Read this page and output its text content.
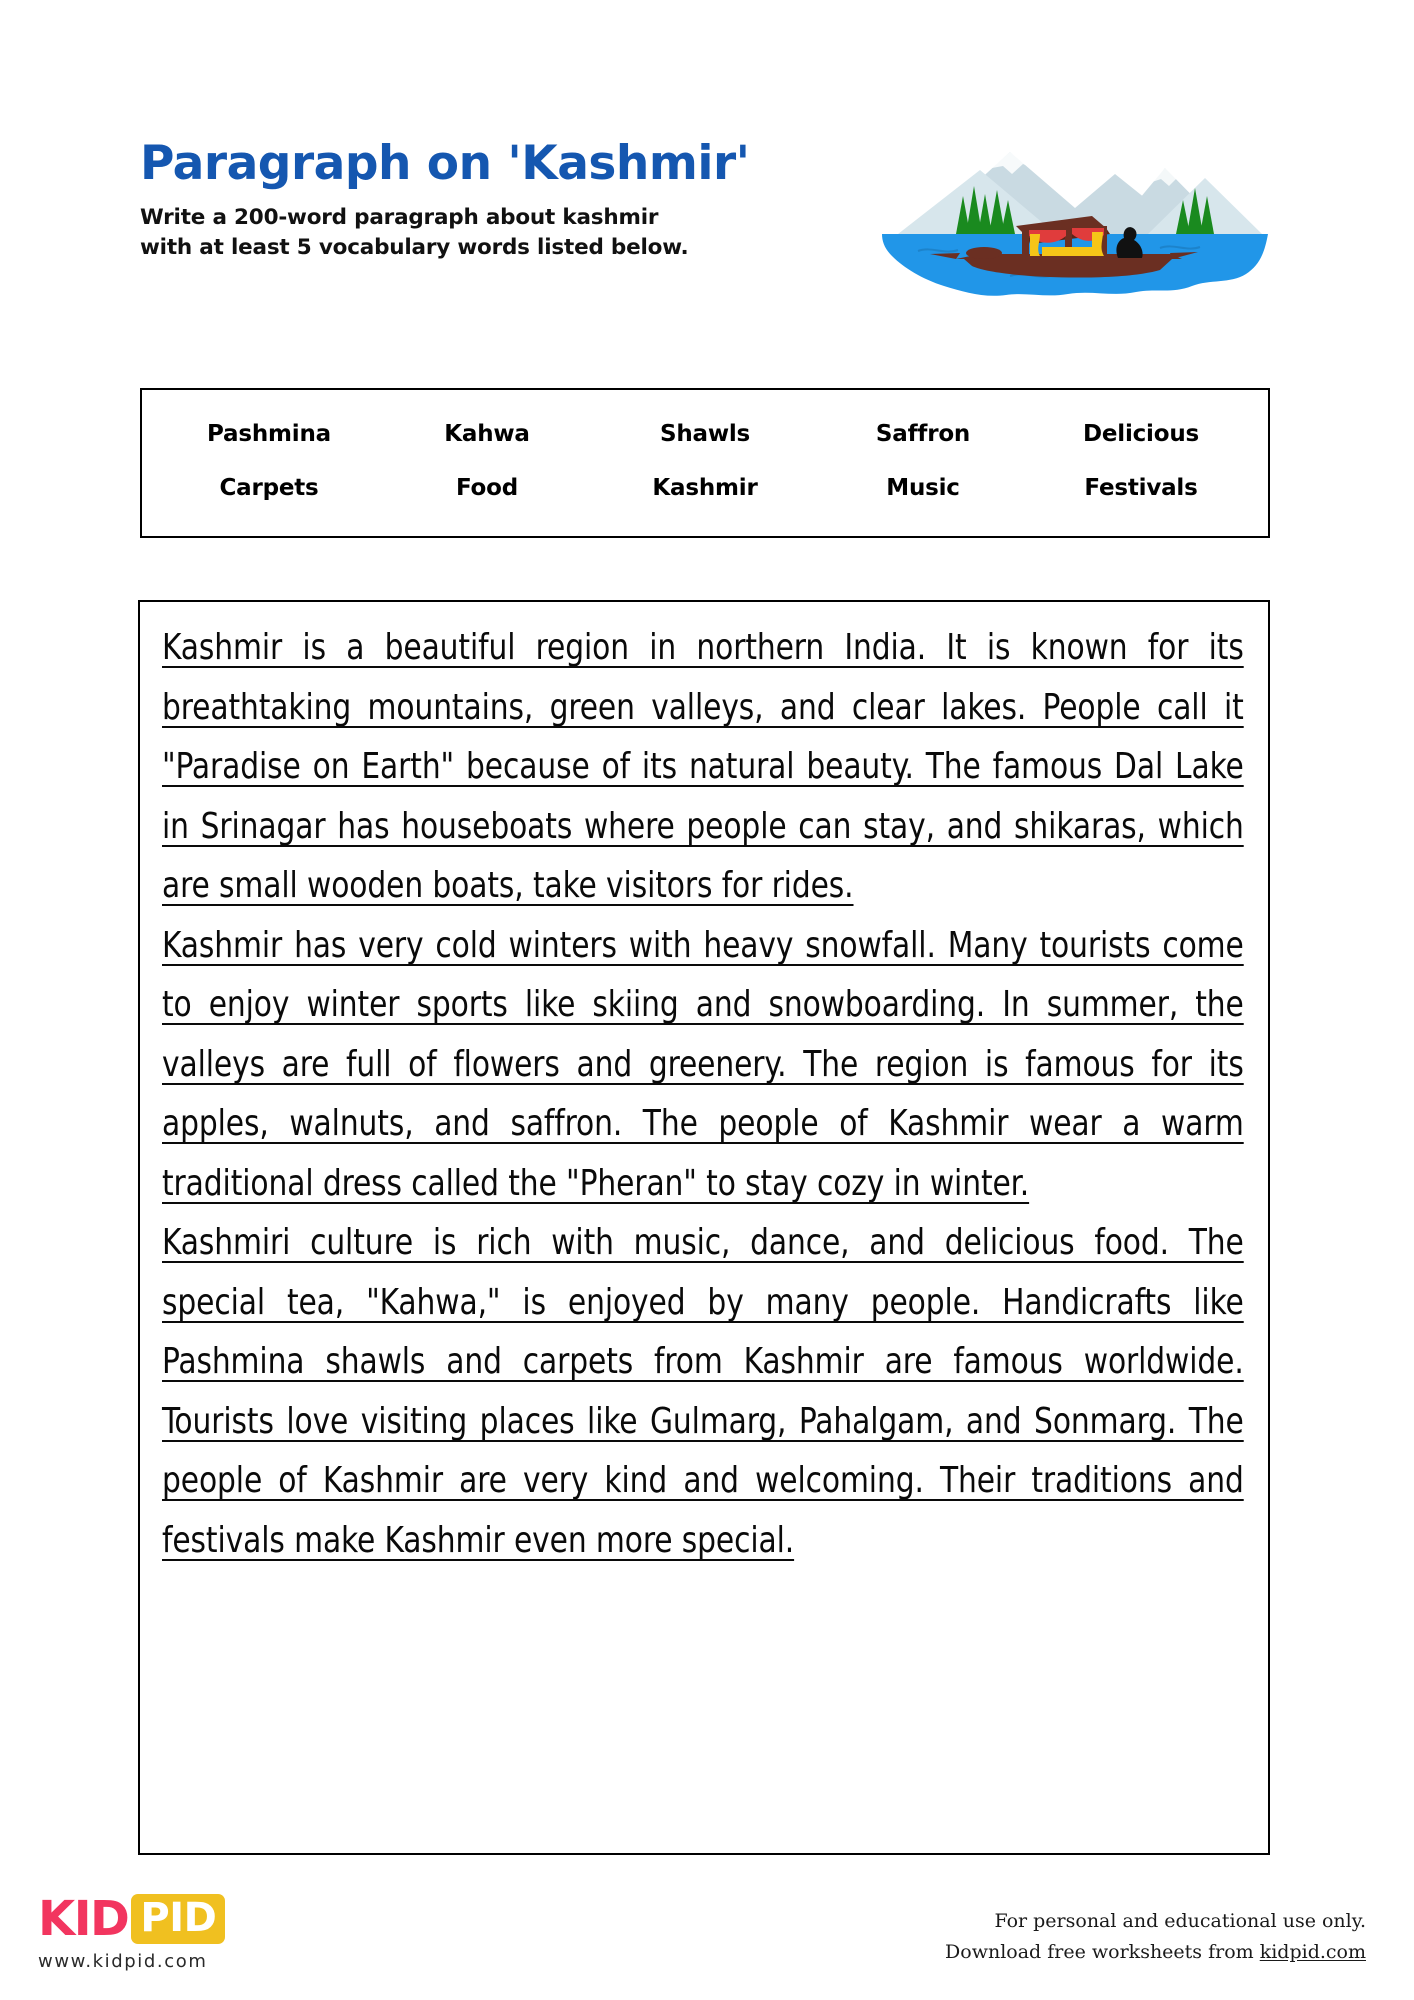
Paragraph on 'Kashmir'

Write a 200-word paragraph about kashmir
with at least 5 vocabulary words listed below.

Pashmina	Kahwa	Shawls	Saffron	Delicious
Carpets	Food	Kashmir	Music	Festivals

Kashmir is a beautiful region in northern India. It is known for its breathtaking mountains, green valleys, and clear lakes. People call it "Paradise on Earth" because of its natural beauty. The famous Dal Lake in Srinagar has houseboats where people can stay, and shikaras, which are small wooden boats, take visitors for rides.

Kashmir has very cold winters with heavy snowfall. Many tourists come to enjoy winter sports like skiing and snowboarding. In summer, the valleys are full of flowers and greenery. The region is famous for its apples, walnuts, and saffron. The people of Kashmir wear a warm traditional dress called the "Pheran" to stay cozy in winter.

Kashmiri culture is rich with music, dance, and delicious food. The special tea, "Kahwa," is enjoyed by many people. Handicrafts like Pashmina shawls and carpets from Kashmir are famous worldwide. Tourists love visiting places like Gulmarg, Pahalgam, and Sonmarg. The people of Kashmir are very kind and welcoming. Their traditions and festivals make Kashmir even more special.

KID PID
www.kidpid.com
For personal and educational use only.
Download free worksheets from kidpid.com
